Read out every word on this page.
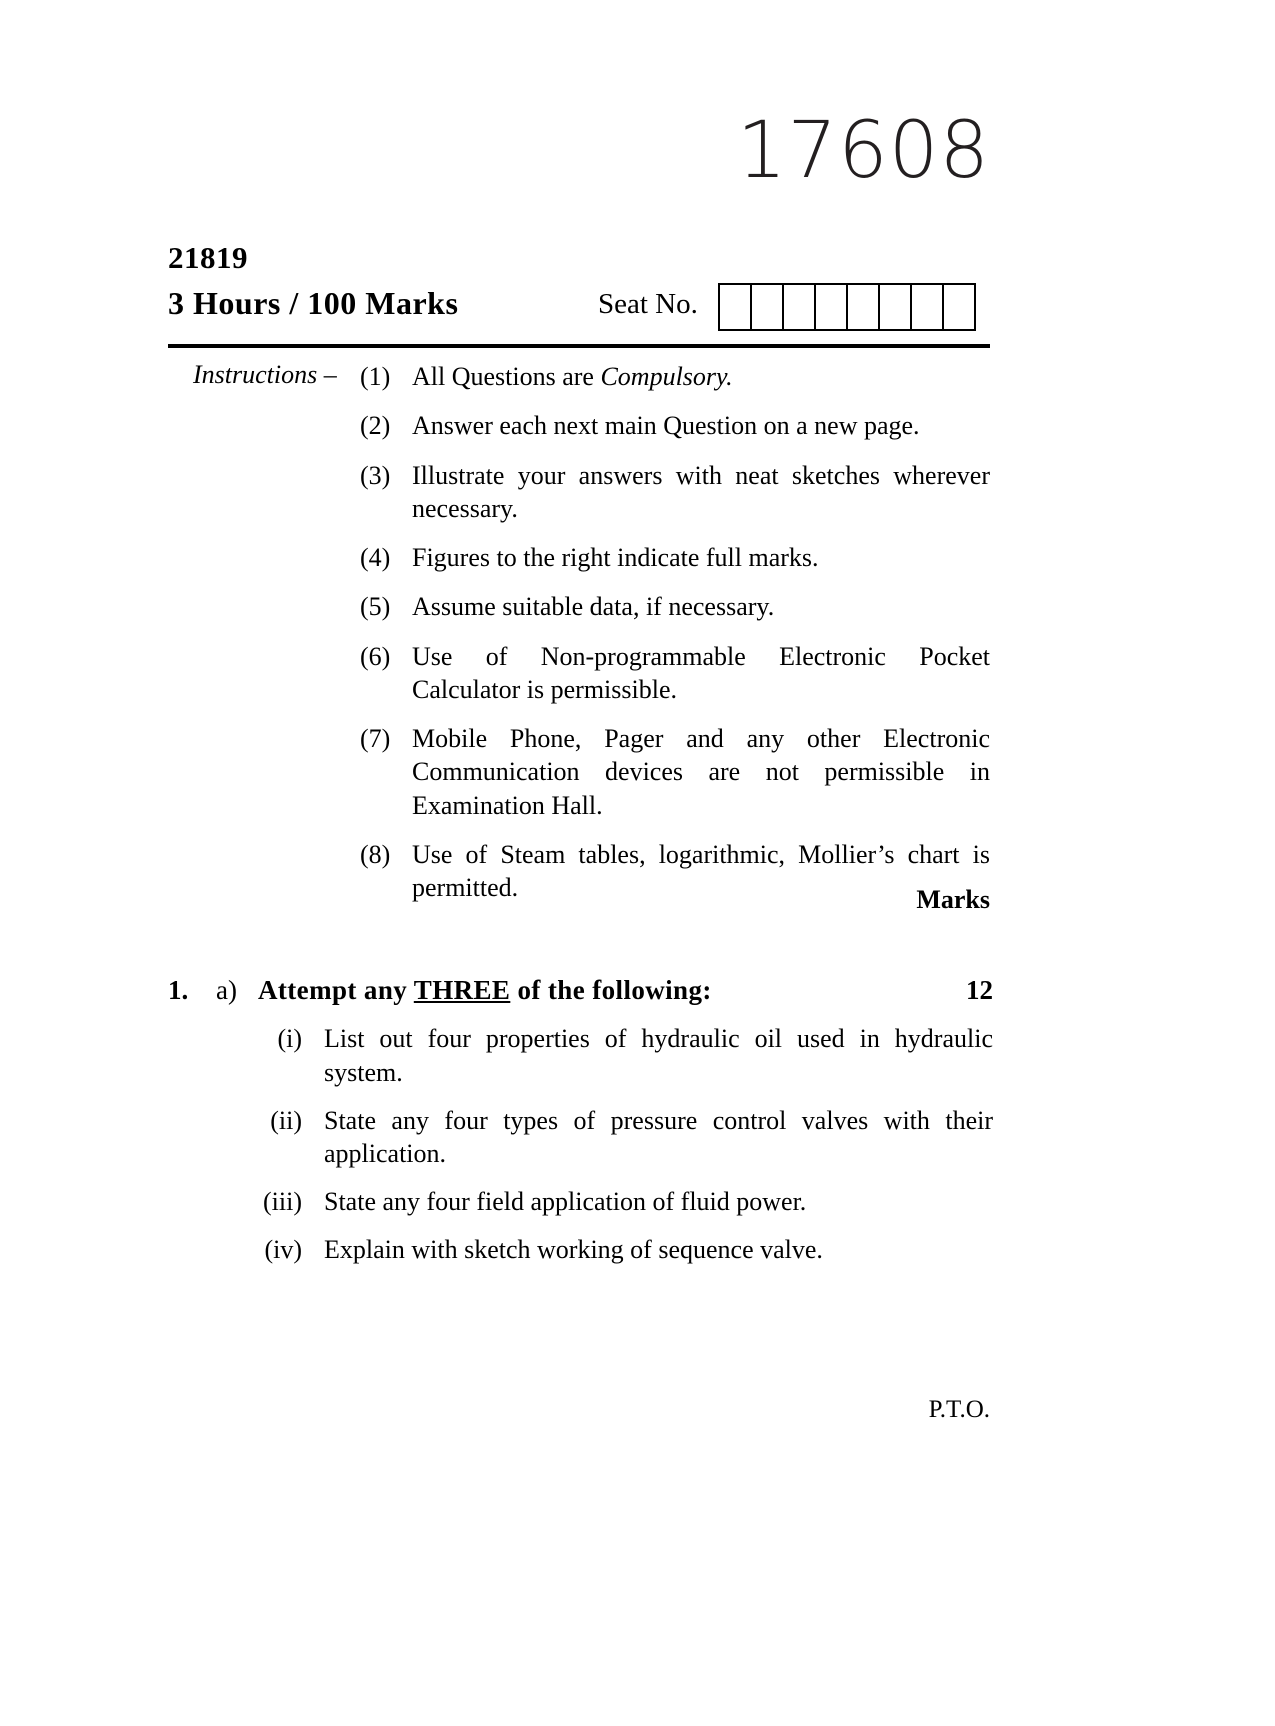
17608
21819
3 Hours / 100 Marks	Seat No.
Instructions – (1) All Questions are Compulsory.
(2) Answer each next main Question on a new page.
(3) Illustrate your answers with neat sketches wherever necessary.
(4) Figures to the right indicate full marks.
(5) Assume suitable data, if necessary.
(6) Use of Non-programmable Electronic Pocket Calculator is permissible.
(7) Mobile Phone, Pager and any other Electronic Communication devices are not permissible in Examination Hall.
(8) Use of Steam tables, logarithmic, Mollier’s chart is permitted.	Marks
1.	a) Attempt any THREE of the following:	12
(i) List out four properties of hydraulic oil used in hydraulic system.
(ii) State any four types of pressure control valves with their application.
(iii) State any four field application of fluid power.
(iv) Explain with sketch working of sequence valve.
P.T.O.
